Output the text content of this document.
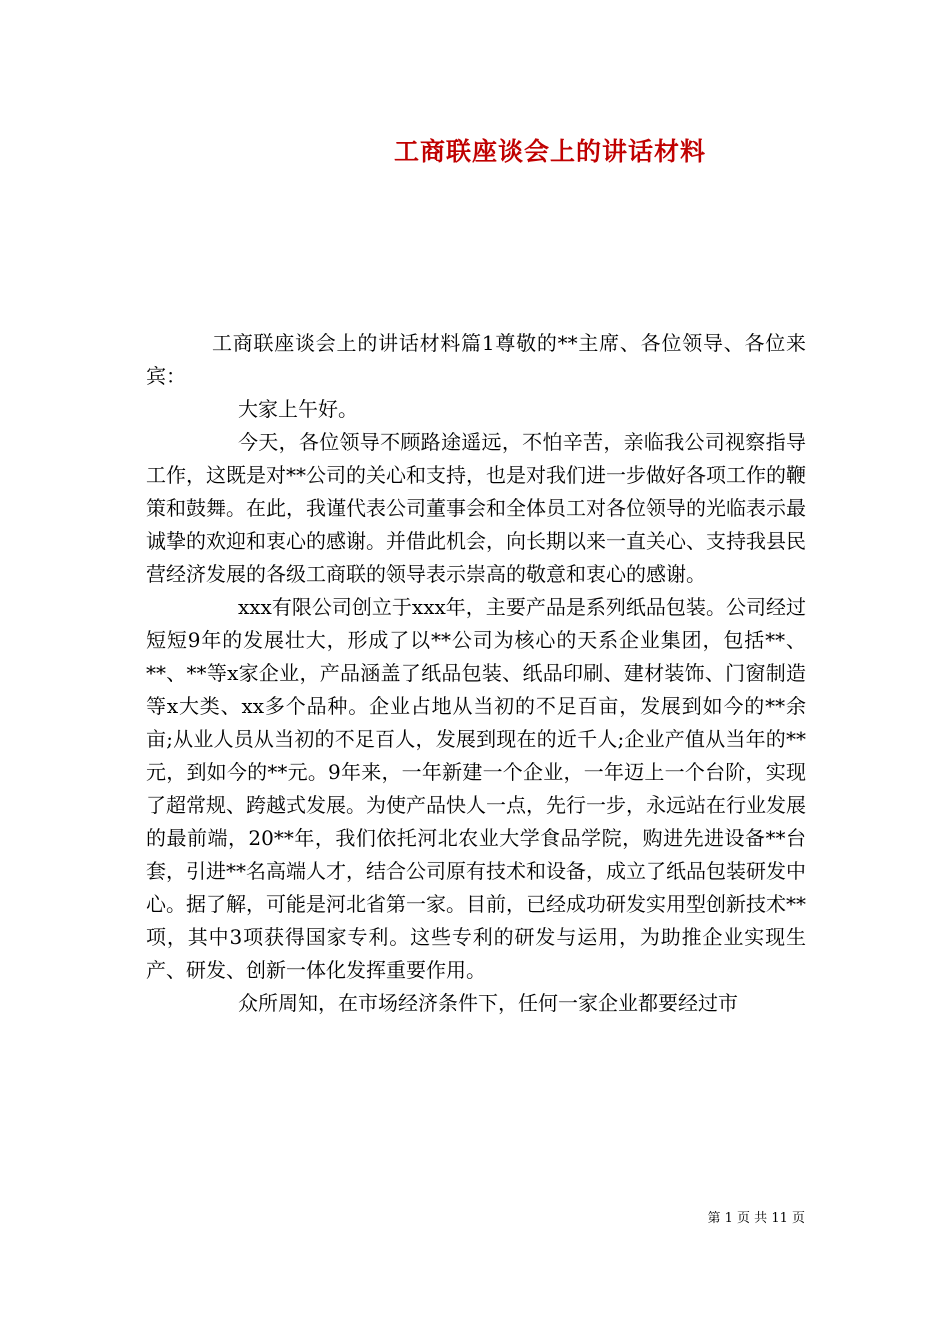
工商联座谈会上的讲话材料

工商联座谈会上的讲话材料篇1尊敬的**主席、各位领导、各位来宾：

大家上午好。

今天，各位领导不顾路途遥远，不怕辛苦，亲临我公司视察指导工作，这既是对**公司的关心和支持，也是对我们进一步做好各项工作的鞭策和鼓舞。在此，我谨代表公司董事会和全体员工对各位领导的光临表示最诚挚的欢迎和衷心的感谢。并借此机会，向长期以来一直关心、支持我县民营经济发展的各级工商联的领导表示崇高的敬意和衷心的感谢。

xxx有限公司创立于xxx年，主要产品是系列纸品包装。公司经过短短9年的发展壮大，形成了以**公司为核心的天系企业集团，包括**、**、**等x家企业，产品涵盖了纸品包装、纸品印刷、建材装饰、门窗制造等x大类、xx多个品种。企业占地从当初的不足百亩，发展到如今的**余亩;从业人员从当初的不足百人，发展到现在的近千人;企业产值从当年的**元，到如今的**元。9年来，一年新建一个企业，一年迈上一个台阶，实现了超常规、跨越式发展。为使产品快人一点，先行一步，永远站在行业发展的最前端，20**年，我们依托河北农业大学食品学院，购进先进设备**台套，引进**名高端人才，结合公司原有技术和设备，成立了纸品包装研发中心。据了解，可能是河北省第一家。目前，已经成功研发实用型创新技术**项，其中3项获得国家专利。这些专利的研发与运用，为助推企业实现生产、研发、创新一体化发挥重要作用。

众所周知，在市场经济条件下，任何一家企业都要经过市

第 1 页 共 11 页
